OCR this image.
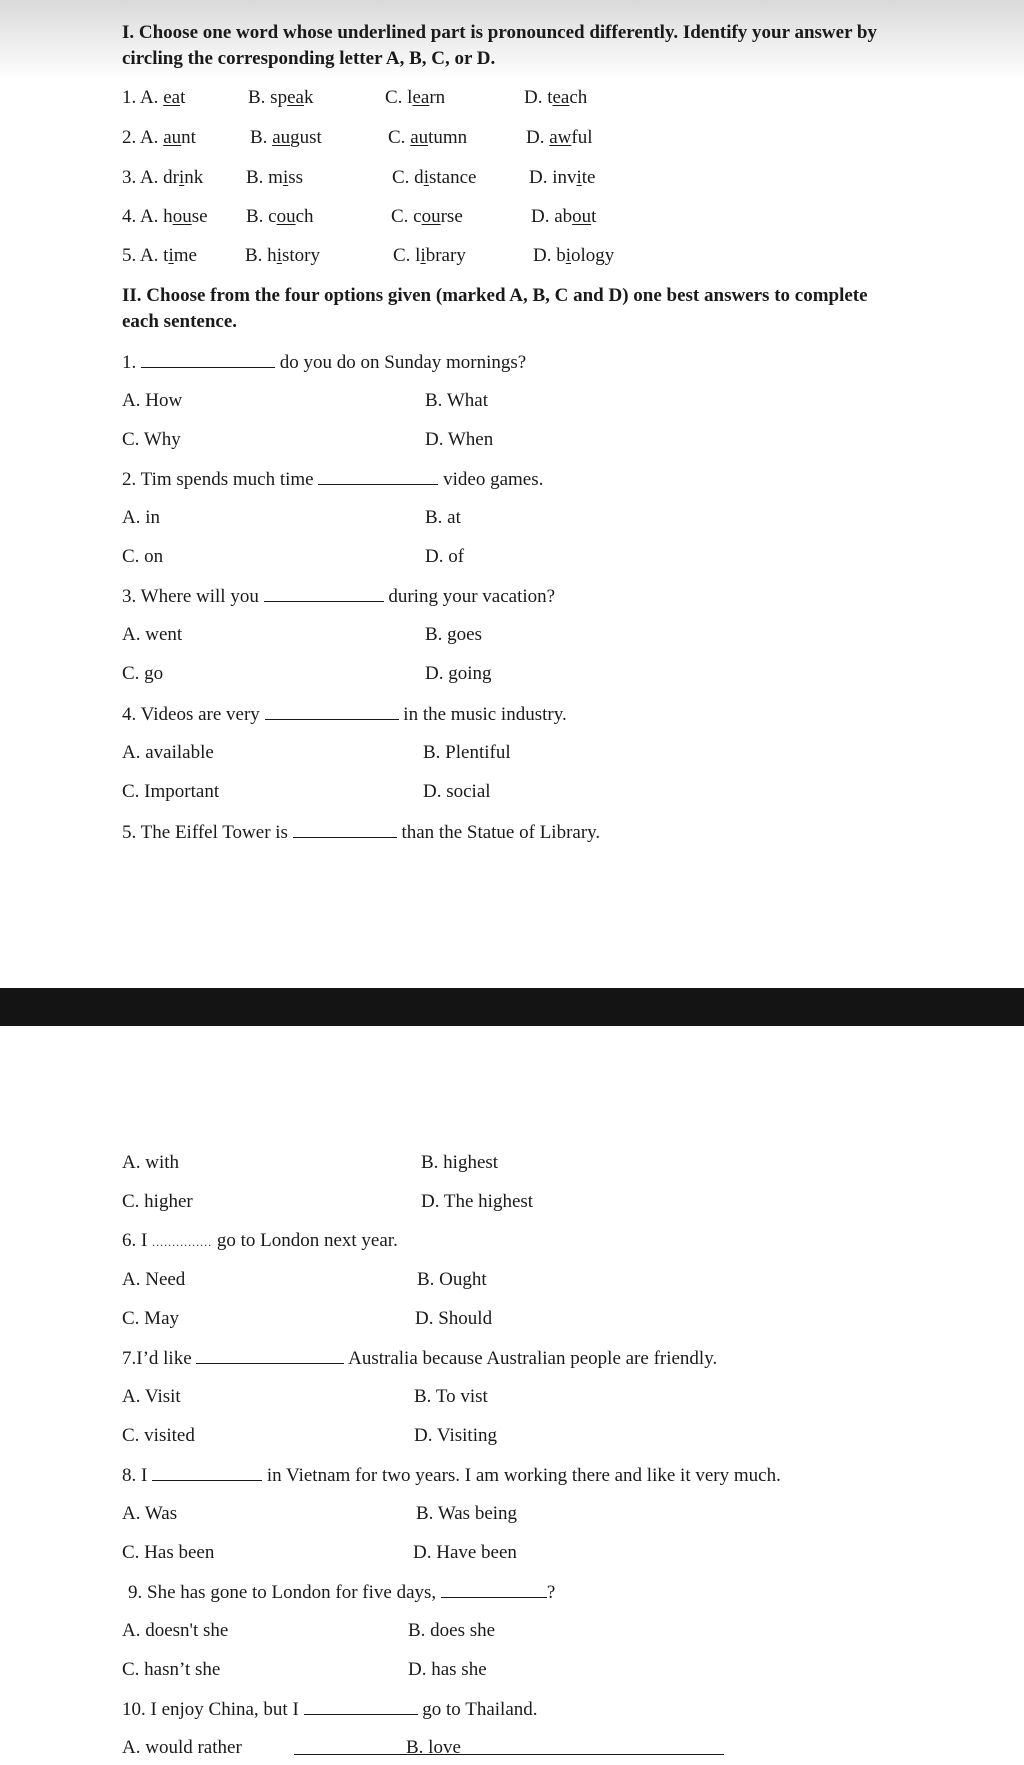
I. Choose one word whose underlined part is pronounced differently. Identify your answer by circling the corresponding letter A, B, C, or D.
1. A. eat	B. speak	C. learn	D. teach
2. A. aunt	B. august	C. autumn	D. awful
3. A. drink B. miss	C. distance	D. invite
4. A. house B. couch	C. course	D. about
5. A. time	B. history	C. library	D. biology
II. Choose from the four options given (marked A, B, C and D) one best answers to complete each sentence.
1.	do you do on Sunday mornings?
A. How	B. What
C. Why	D. When
2. Tim spends much time	video games.
A. in	B. at
C. on	D. of
3. Where will you	during your vacation?
A. went	B. goes
C. go	D. going
4. Videos are very	in the music industry.
A. available	B. Plentiful
C. Important	D. social
5. The Eiffel Tower is	than the Statue of Library.
A. with	B. highest
C. higher	D. The highest
6. I ............... go to London next year.
A. Need	B. Ought
C. May	D. Should
7.I’d like	Australia because Australian people are friendly.
A. Visit	B. To vist
C. visited	D. Visiting
8. I	in Vietnam for two years. I am working there and like it very much.
A. Was	B. Was being
C. Has been	D. Have been
9. She has gone to London for five days,	?
A. doesn't she	B. does she
C. hasn’t she	D. has she
10. I enjoy China, but I	go to Thailand.
A. would rather	B. love
